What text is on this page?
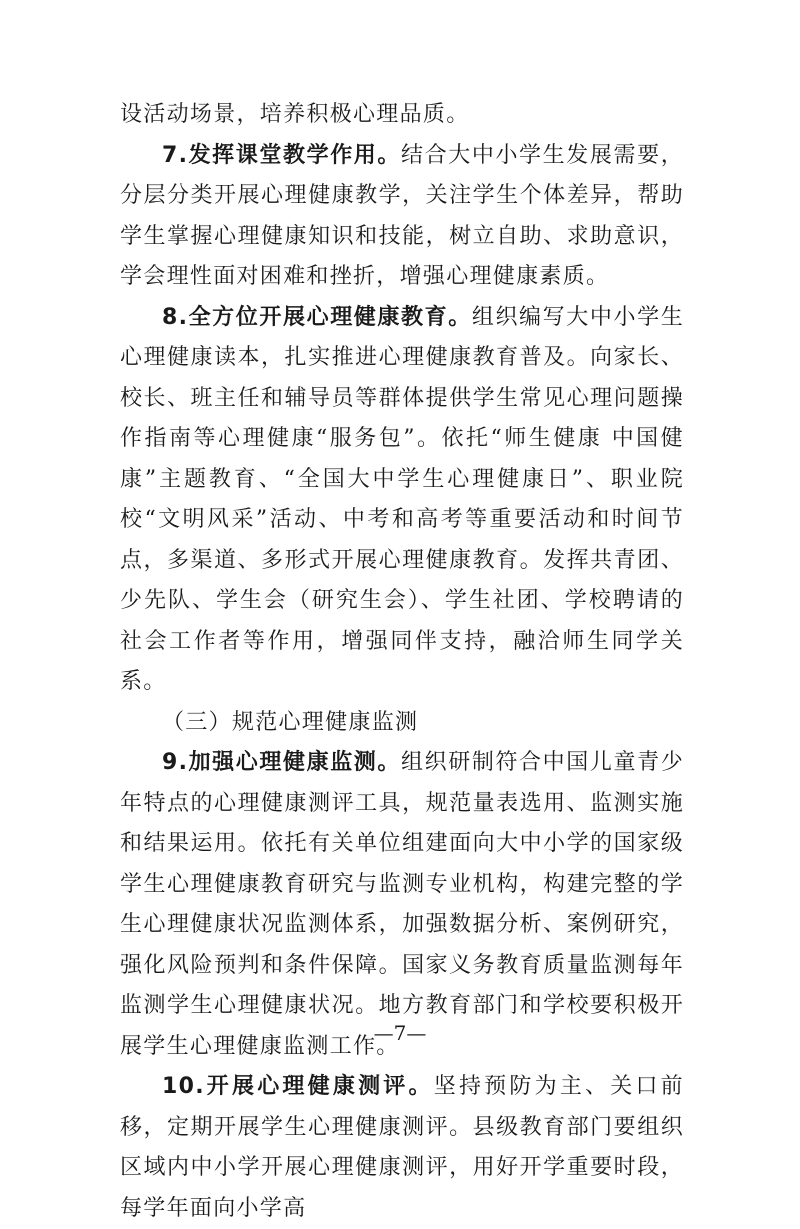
设活动场景，培养积极心理品质。

7.发挥课堂教学作用。结合大中小学生发展需要，分层分类开展心理健康教学，关注学生个体差异，帮助学生掌握心理健康知识和技能，树立自助、求助意识，学会理性面对困难和挫折，增强心理健康素质。

8.全方位开展心理健康教育。组织编写大中小学生心理健康读本，扎实推进心理健康教育普及。向家长、校长、班主任和辅导员等群体提供学生常见心理问题操作指南等心理健康“服务包”。依托“师生健康 中国健康”主题教育、“全国大中学生心理健康日”、职业院校“文明风采”活动、中考和高考等重要活动和时间节点，多渠道、多形式开展心理健康教育。发挥共青团、少先队、学生会（研究生会）、学生社团、学校聘请的社会工作者等作用，增强同伴支持，融洽师生同学关系。

（三）规范心理健康监测

9.加强心理健康监测。组织研制符合中国儿童青少年特点的心理健康测评工具，规范量表选用、监测实施和结果运用。依托有关单位组建面向大中小学的国家级学生心理健康教育研究与监测专业机构，构建完整的学生心理健康状况监测体系，加强数据分析、案例研究，强化风险预判和条件保障。国家义务教育质量监测每年监测学生心理健康状况。地方教育部门和学校要积极开展学生心理健康监测工作。

10.开展心理健康测评。坚持预防为主、关口前移，定期开展学生心理健康测评。县级教育部门要组织区域内中小学开展心理健康测评，用好开学重要时段，每学年面向小学高

—7—
